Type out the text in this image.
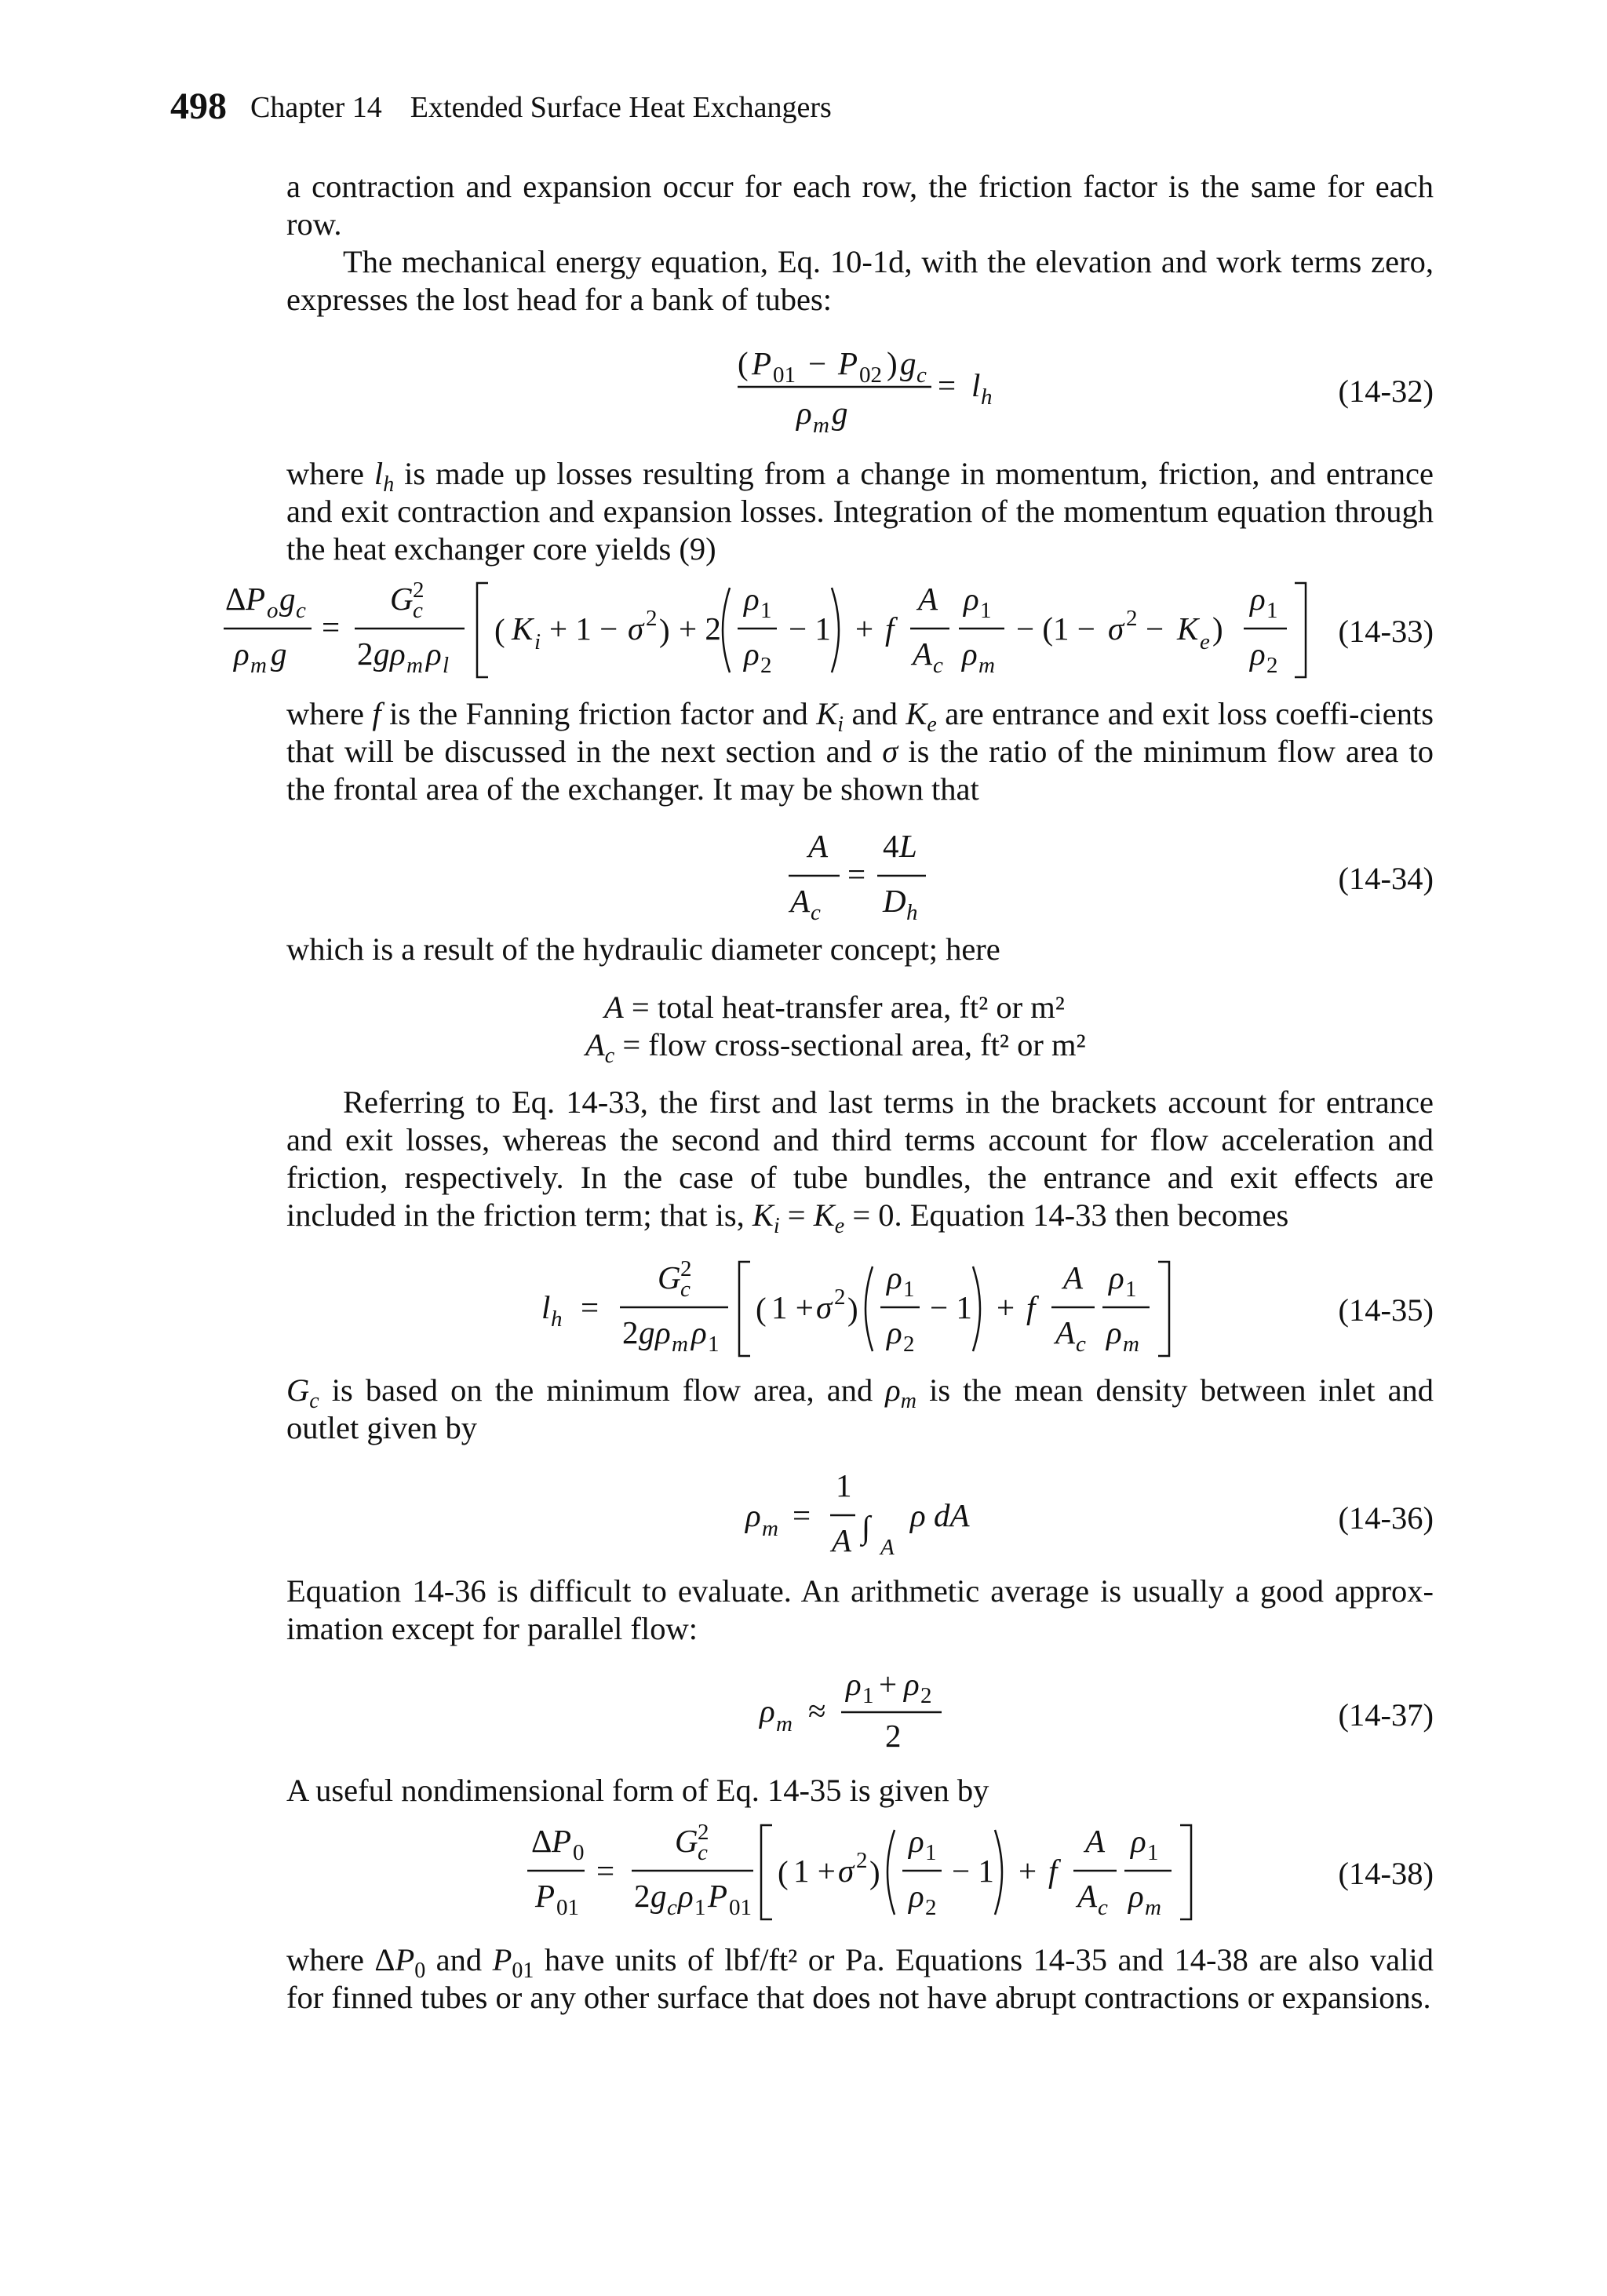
498 Chapter 14 Extended Surface Heat Exchangers
a contraction and expansion occur for each row, the friction factor is the same for each row.
The mechanical energy equation, Eq. 10-1d, with the elevation and work terms zero, expresses the lost head for a bank of tubes:
( P 01 − P 02 ) g c
ρ m g
= l h	(14-32)
where $l_h$ is made up losses resulting from a change in momentum, friction, and entrance and exit contraction and expansion losses. Integration of the momentum equation through the heat exchanger core yields (9)
Δ P o g c
ρ m g
=
G 2
c
2 g ρ m ρ l
( K i + 1 − σ 2 ) + 2
ρ 1
ρ 2
− 1 + f
A
A c
ρ 1
ρ m
− (1 − σ 2 − K e )
ρ 1
ρ 2
(14-33)
where f is the Fanning friction factor and $K_i$ and $K_e$ are entrance and exit loss coeffi-cients that will be discussed in the next section and σ is the ratio of the minimum flow area to the frontal area of the exchanger. It may be shown that
A
A c
=
4 L
D h
(14-34)
which is a result of the hydraulic diameter concept; here
A = total heat-transfer area, ft² or m²
$A_c$ = flow cross-sectional area, ft² or m²
Referring to Eq. 14-33, the first and last terms in the brackets account for entrance and exit losses, whereas the second and third terms account for flow acceleration and friction, respectively. In the case of tube bundles, the entrance and exit effects are included in the friction term; that is, $K_i = K_e = 0$. Equation 14-33 then becomes
l h =
G 2
c
2 g ρ m ρ 1
( 1 + σ 2 )
ρ 1
ρ 2
− 1 + f
A
A c
ρ 1
ρ m
(14-35)
$G_c$ is based on the minimum flow area, and $\rho_m$ is the mean density between inlet and outlet given by
ρ m =
1
A ∫
A
ρ dA	(14-36)
Equation 14-36 is difficult to evaluate. An arithmetic average is usually a good approx-imation except for parallel flow:
ρ m ≈
ρ 1 + ρ 2
2
(14-37)
A useful nondimensional form of Eq. 14-35 is given by
Δ P 0
P 01
=
G 2
c
2 g c ρ 1 P 01
( 1 + σ 2 )
ρ 1
ρ 2
− 1 + f
A
A c
ρ 1
ρ m
(14-38)
where $\Delta P_0$ and $P_{01}$ have units of lbf/ft² or Pa. Equations 14-35 and 14-38 are also valid for finned tubes or any other surface that does not have abrupt contractions or expansions.
